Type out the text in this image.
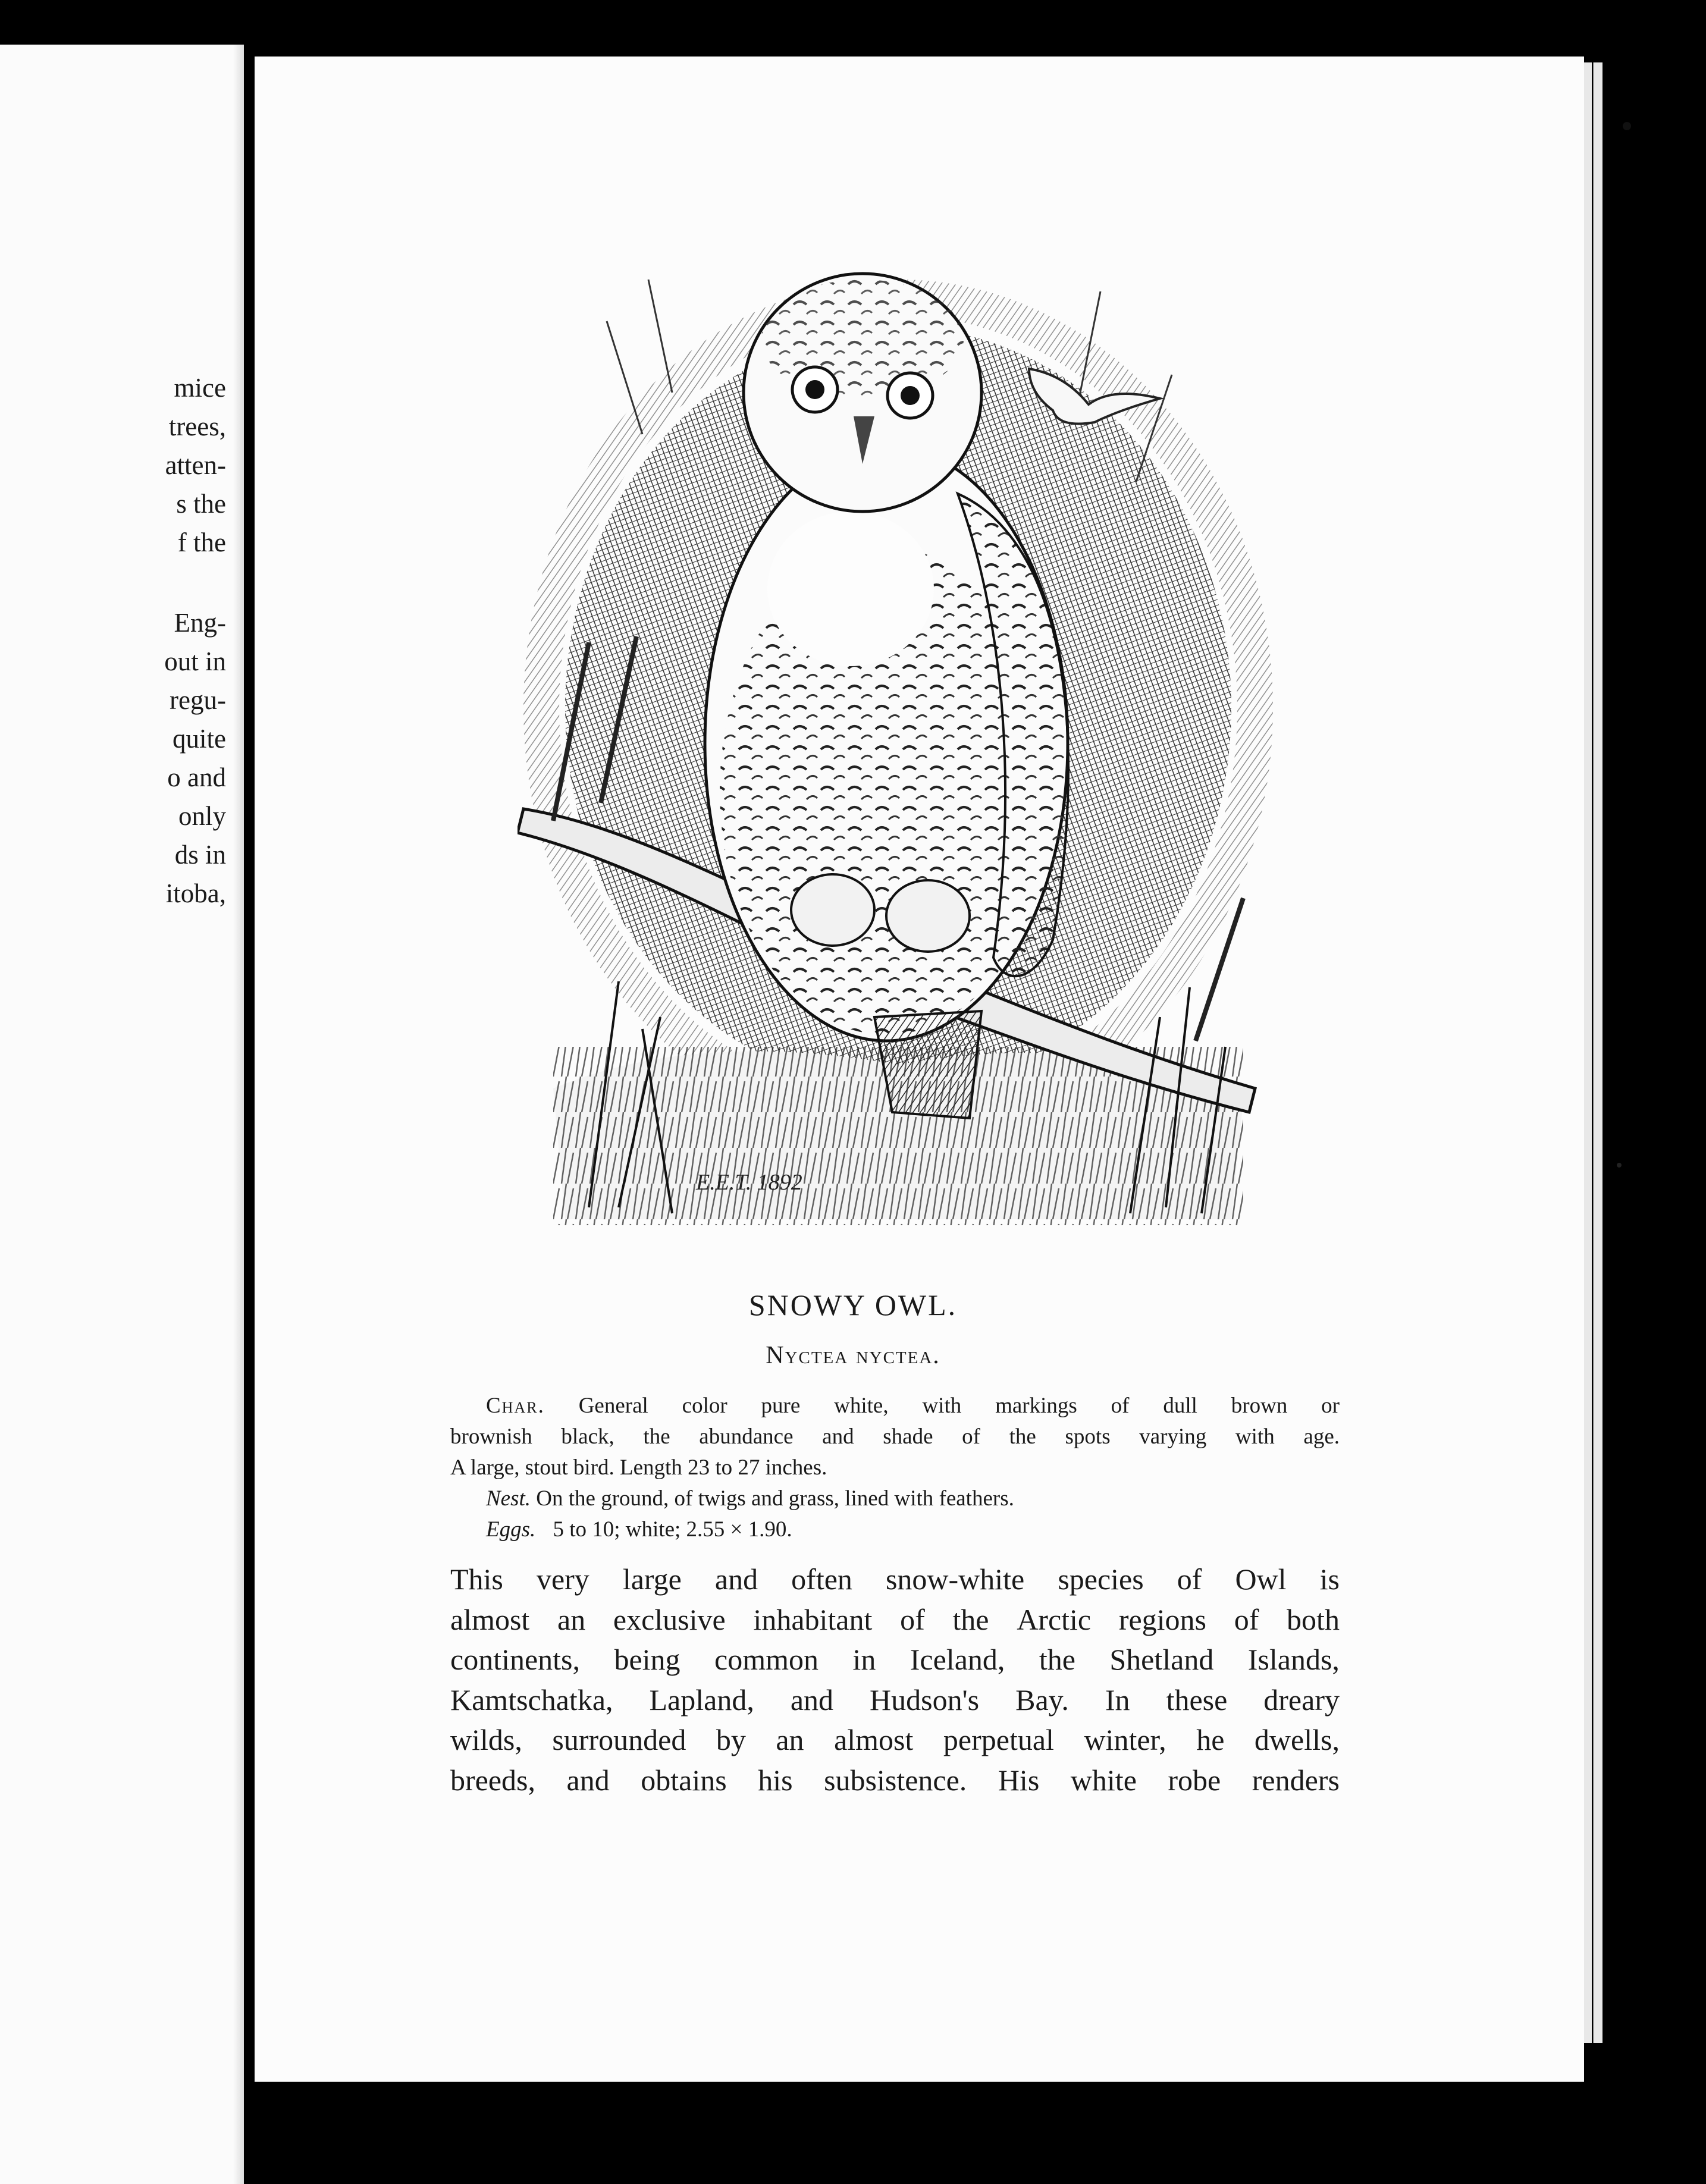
mice
trees,
atten-
s the
f the
Eng-
out in
regu-
quite
o and
only
ds in
itoba,
E.E.T. 1892
SNOWY OWL.
Nyctea nyctea.

Char. General color pure white, with markings of dull brown or

brownish black, the abundance and shade of the spots varying with age.

A large, stout bird. Length 23 to 27 inches.

Nest. On the ground, of twigs and grass, lined with feathers.

Eggs. 5 to 10; white; 2.55 × 1.90.

This very large and often snow-white species of Owl is
almost an exclusive inhabitant of the Arctic regions of both
continents, being common in Iceland, the Shetland Islands,
Kamtschatka, Lapland, and Hudson's Bay. In these dreary
wilds, surrounded by an almost perpetual winter, he dwells,
breeds, and obtains his subsistence. His white robe renders
